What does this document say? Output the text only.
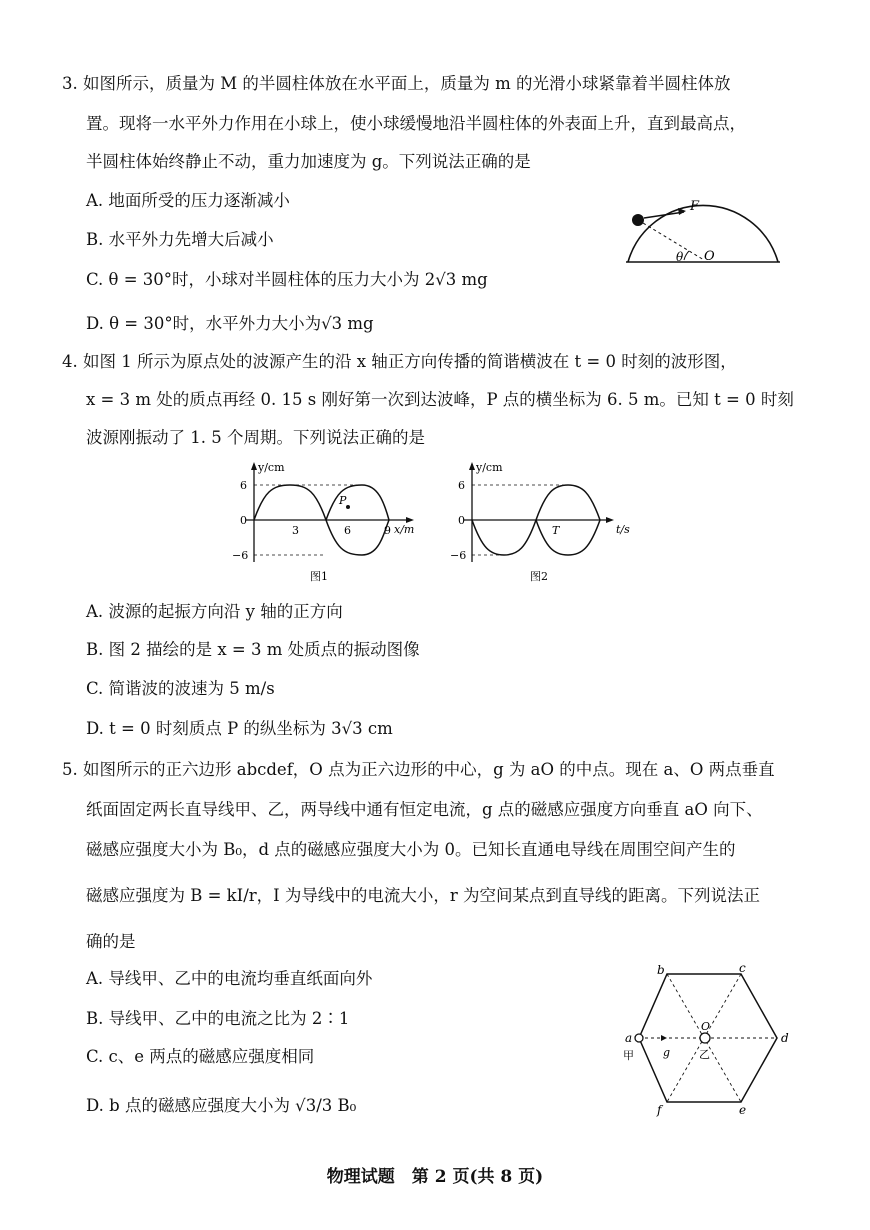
3. 如图所示，质量为 M 的半圆柱体放在水平面上，质量为 m 的光滑小球紧靠着半圆柱体放
置。现将一水平外力作用在小球上，使小球缓慢地沿半圆柱体的外表面上升，直到最高点，
半圆柱体始终静止不动，重力加速度为 g。下列说法正确的是
A. 地面所受的压力逐渐减小
B. 水平外力先增大后减小
C. θ = 30°时，小球对半圆柱体的压力大小为 2√3 mg
D. θ = 30°时，水平外力大小为√3 mg
F
O
θ
4. 如图 1 所示为原点处的波源产生的沿 x 轴正方向传播的简谐横波在 t = 0 时刻的波形图，
x = 3 m 处的质点再经 0. 15 s 刚好第一次到达波峰，P 点的横坐标为 6. 5 m。已知 t = 0 时刻
波源刚振动了 1. 5 个周期。下列说法正确的是
y/cm
x/m
6
0
−6
3	6	9
P
图1
y/cm
t/s
6
0
−6
T
图2
A. 波源的起振方向沿 y 轴的正方向
B. 图 2 描绘的是 x = 3 m 处质点的振动图像
C. 简谐波的波速为 5 m/s
D. t = 0 时刻质点 P 的纵坐标为 3√3 cm
5. 如图所示的正六边形 abcdef，O 点为正六边形的中心，g 为 aO 的中点。现在 a、O 两点垂直
纸面固定两长直导线甲、乙，两导线中通有恒定电流，g 点的磁感应强度方向垂直 aO 向下、
磁感应强度大小为 B₀，d 点的磁感应强度大小为 0。已知长直通电导线在周围空间产生的
磁感应强度为 B = kI/r，I 为导线中的电流大小，r 为空间某点到直导线的距离。下列说法正
确的是
A. 导线甲、乙中的电流均垂直纸面向外
B. 导线甲、乙中的电流之比为 2∶1
C. c、e 两点的磁感应强度相同
D. b 点的磁感应强度大小为 √3/3 B₀
a
b	c
d
e
f
O
g
甲	乙
物理试题　第 2 页(共 8 页)
